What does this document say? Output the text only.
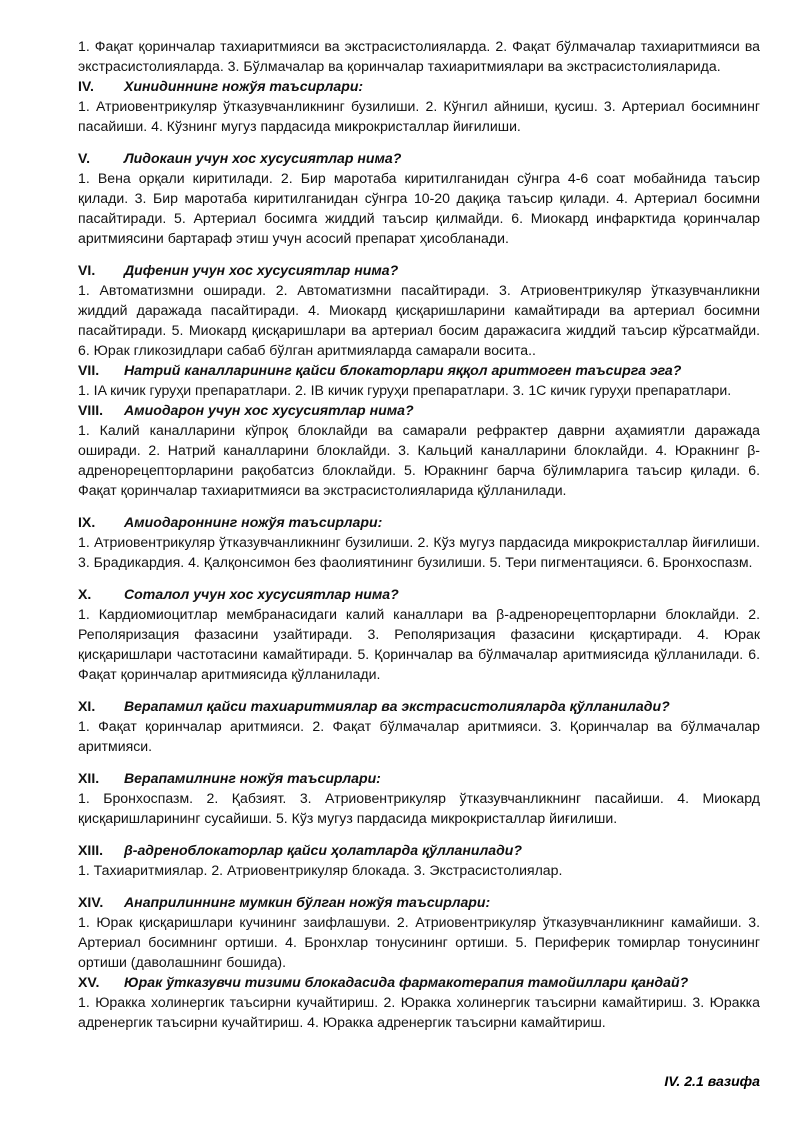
1. Фақат қоринчалар тахиаритмияси ва экстрасистолияларда. 2. Фақат бўлмачалар тахиаритмияси ва экстрасистолияларда. 3. Бўлмачалар ва қоринчалар тахиаритмиялари ва экстрасистолияларида.

IV.	Хинидиннинг ножўя таъсирлари:

1. Атриовентрикуляр ўтказувчанликнинг бузилиши. 2. Кўнгил айниши, қусиш. 3. Артериал босимнинг пасайиши. 4. Кўзнинг мугуз пардасида микрокристаллар йиғилиши.

V.	Лидокаин учун хос хусусиятлар нима?

1. Вена орқали киритилади. 2. Бир маротаба киритилганидан сўнгра 4-6 соат мобайнида таъсир қилади. 3. Бир маротаба киритилганидан сўнгра 10-20 дақиқа таъсир қилади. 4. Артериал босимни пасайтиради. 5. Артериал босимга жиддий таъсир қилмайди. 6. Миокард инфарктида қоринчалар аритмиясини бартараф этиш учун асосий препарат ҳисобланади.

VI.	Дифенин учун хос хусусиятлар нима?

1. Автоматизмни оширади. 2. Автоматизмни пасайтиради. 3. Атриовентрикуляр ўтказувчанликни жиддий даражада пасайтиради. 4. Миокард қисқаришларини камайтиради ва артериал босимни пасайтиради. 5. Миокард қисқаришлари ва артериал босим даражасига жиддий таъсир кўрсатмайди. 6. Юрак гликозидлари сабаб бўлган аритмияларда самарали восита..

VII.	Натрий каналларининг қайси блокаторлари яққол аритмоген таъсирга эга?

1. IA кичик гуруҳи препаратлари. 2. IB кичик гуруҳи препаратлари. 3. 1C кичик гуруҳи препаратлари.

VIII.	Амиодарон учун хос хусусиятлар нима?

1. Калий каналларини кўпроқ блоклайди ва самарали рефрактер даврни аҳамиятли даражада оширади. 2. Натрий каналларини блоклайди. 3. Кальций каналларини блоклайди. 4. Юракнинг β-адренорецепторларини рақобатсиз блоклайди. 5. Юракнинг барча бўлимларига таъсир қилади. 6. Фақат қоринчалар тахиаритмияси ва экстрасистолияларида қўлланилади.

IX.	Амиодароннинг ножўя таъсирлари:

1. Атриовентрикуляр ўтказувчанликнинг бузилиши. 2. Кўз мугуз пардасида микрокристаллар йиғилиши. 3. Брадикардия. 4. Қалқонсимон без фаолиятининг бузилиши. 5. Тери пигментацияси. 6. Бронхоспазм.

X.	Соталол учун хос хусусиятлар нима?

1. Кардиомиоцитлар мембранасидаги калий каналлари ва β-адренорецепторларни блоклайди. 2. Реполяризация фазасини узайтиради. 3. Реполяризация фазасини қисқартиради. 4. Юрак қисқаришлари частотасини камайтиради. 5. Қоринчалар ва бўлмачалар аритмиясида қўлланилади. 6. Фақат қоринчалар аритмиясида қўлланилади.

XI.	Верапамил қайси тахиаритмиялар ва экстрасистолияларда қўлланилади?

1. Фақат қоринчалар аритмияси. 2. Фақат бўлмачалар аритмияси. 3. Қоринчалар ва бўлмачалар аритмияси.

XII.	Верапамилнинг ножўя таъсирлари:

1. Бронхоспазм. 2. Қабзият. 3. Атриовентрикуляр ўтказувчанликнинг пасайиши. 4. Миокард қисқаришларининг сусайиши. 5. Кўз мугуз пардасида микрокристаллар йиғилиши.

XIII.	β-адреноблокаторлар қайси ҳолатларда қўлланилади?

1. Тахиаритмиялар. 2. Атриовентрикуляр блокада. 3. Экстрасистолиялар.

XIV.	Анаприлиннинг мумкин бўлган ножўя таъсирлари:

1. Юрак қисқаришлари кучининг заифлашуви. 2. Атриовентрикуляр ўтказувчанликнинг камайиши. 3. Артериал босимнинг ортиши. 4. Бронхлар тонусининг ортиши. 5. Периферик томирлар тонусининг ортиши (даволашнинг бошида).

XV.	Юрак ўтказувчи тизими блокадасида фармакотерапия тамойиллари қандай?

1. Юракка холинергик таъсирни кучайтириш. 2. Юракка холинергик таъсирни камайтириш. 3. Юракка адренергик таъсирни кучайтириш. 4. Юракка адренергик таъсирни камайтириш.

IV. 2.1 вазифа
